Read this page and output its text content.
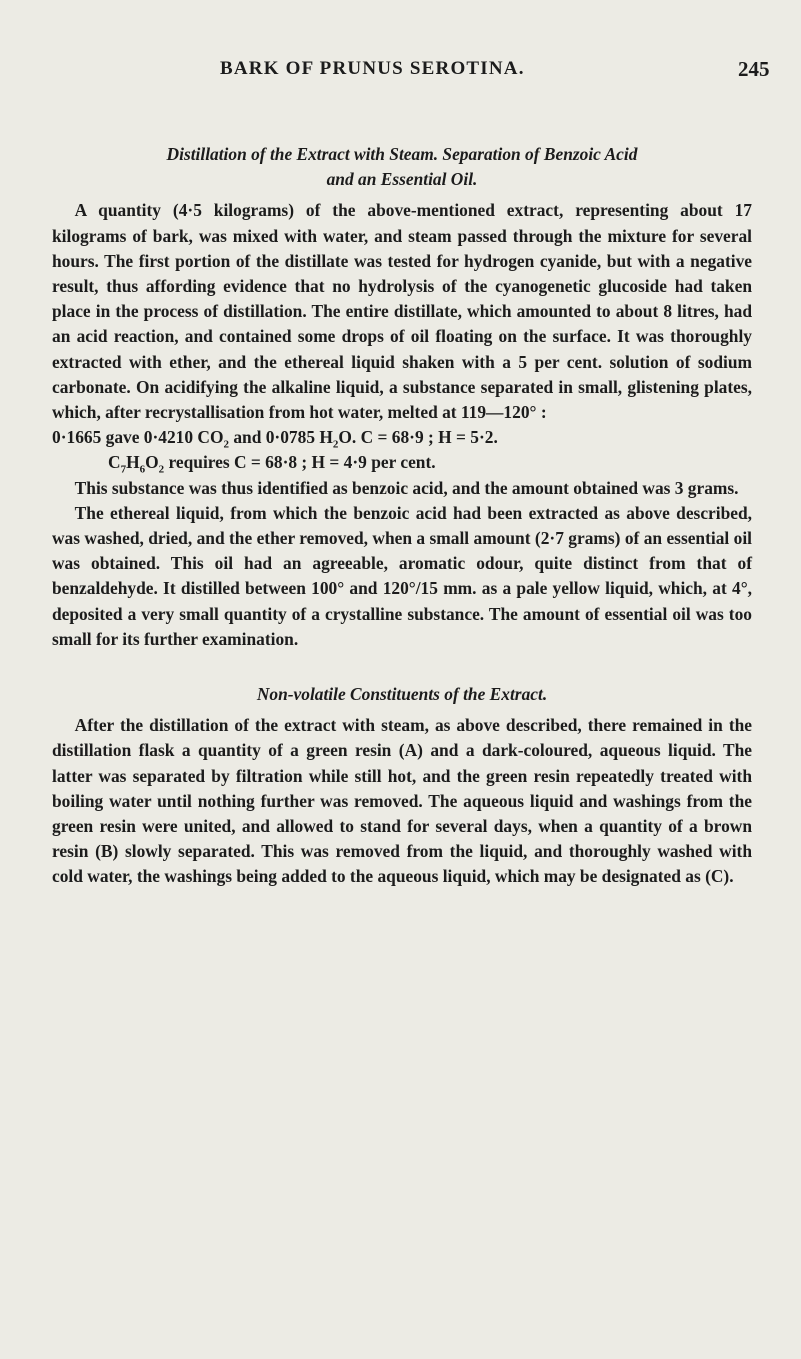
BARK OF PRUNUS SEROTINA.	245
Distillation of the Extract with Steam. Separation of Benzoic Acid
and an Essential Oil.

A quantity (4·5 kilograms) of the above-mentioned extract, representing about 17 kilograms of bark, was mixed with water, and steam passed through the mixture for several hours. The first portion of the distillate was tested for hydrogen cyanide, but with a negative result, thus affording evidence that no hydrolysis of the cyanogenetic glucoside had taken place in the process of distillation. The entire distillate, which amounted to about 8 litres, had an acid reaction, and contained some drops of oil floating on the surface. It was thoroughly extracted with ether, and the ethereal liquid shaken with a 5 per cent. solution of sodium carbonate. On acidifying the alkaline liquid, a substance separated in small, glistening plates, which, after recrystallisation from hot water, melted at 119—120° :

0·1665 gave 0·4210 $CO_2$ and 0·0785 $H_2O$. C = 68·9 ; H = 5·2.

$C_7H_6O_2$ requires C = 68·8 ; H = 4·9 per cent.

This substance was thus identified as benzoic acid, and the amount obtained was 3 grams.

The ethereal liquid, from which the benzoic acid had been extracted as above described, was washed, dried, and the ether removed, when a small amount (2·7 grams) of an essential oil was obtained. This oil had an agreeable, aromatic odour, quite distinct from that of benzaldehyde. It distilled between 100° and 120°/15 mm. as a pale yellow liquid, which, at 4°, deposited a very small quantity of a crystalline substance. The amount of essential oil was too small for its further examination.

Non-volatile Constituents of the Extract.

After the distillation of the extract with steam, as above described, there remained in the distillation flask a quantity of a green resin (A) and a dark-coloured, aqueous liquid. The latter was separated by filtration while still hot, and the green resin repeatedly treated with boiling water until nothing further was removed. The aqueous liquid and washings from the green resin were united, and allowed to stand for several days, when a quantity of a brown resin (B) slowly separated. This was removed from the liquid, and thoroughly washed with cold water, the washings being added to the aqueous liquid, which may be designated as (C).
